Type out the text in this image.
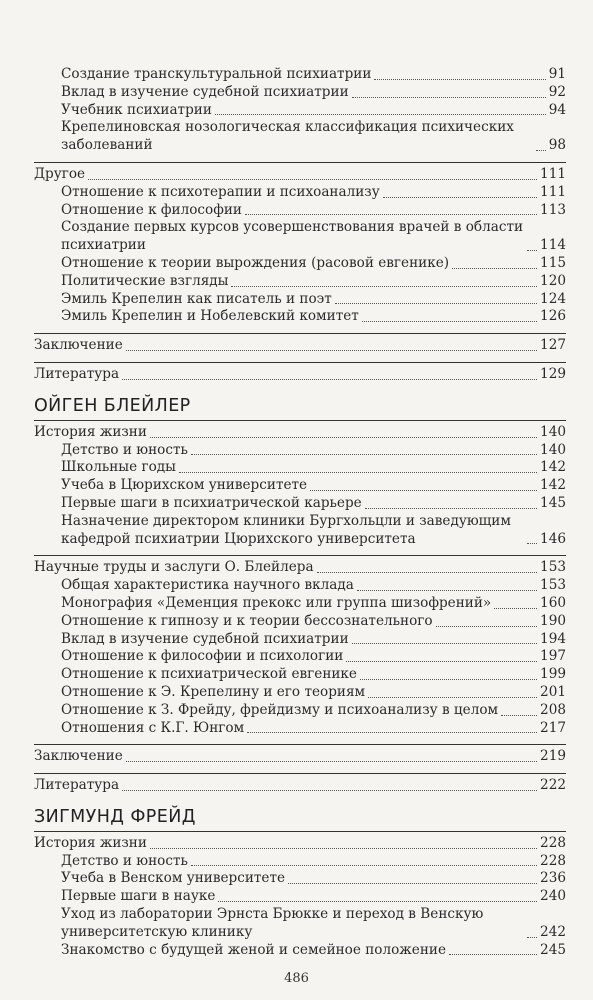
Создание транскультуральной психиатрии	91
Вклад в изучение судебной психиатрии	92
Учебник психиатрии	94
Крепелиновская нозологическая классификация психических заболеваний	98
Другое	111
Отношение к психотерапии и психоанализу	111
Отношение к философии	113
Создание первых курсов усовершенствования врачей в области психиатрии	114
Отношение к теории вырождения (расовой евгенике)	115
Политические взгляды	120
Эмиль Крепелин как писатель и поэт	124
Эмиль Крепелин и Нобелевский комитет	126
Заключение	127
Литература	129
ОЙГЕН БЛЕЙЛЕР
История жизни	140
Детство и юность	140
Школьные годы	142
Учеба в Цюрихском университете	142
Первые шаги в психиатрической карьере	145
Назначение директором клиники Бургхольцли и заведующим кафедрой психиатрии Цюрихского университета	146
Научные труды и заслуги О. Блейлера	153
Общая характеристика научного вклада	153
Монография «Деменция прекокс или группа шизофрений»	160
Отношение к гипнозу и к теории бессознательного	190
Вклад в изучение судебной психиатрии	194
Отношение к философии и психологии	197
Отношение к психиатрической евгенике	199
Отношение к Э. Крепелину и его теориям	201
Отношение к З. Фрейду, фрейдизму и психоанализу в целом	208
Отношения с К.Г. Юнгом	217
Заключение	219
Литература	222
ЗИГМУНД ФРЕЙД
История жизни	228
Детство и юность	228
Учеба в Венском университете	236
Первые шаги в науке	240
Уход из лаборатории Эрнста Брюкке и переход в Венскую университетскую клинику	242
Знакомство с будущей женой и семейное положение	245
486
